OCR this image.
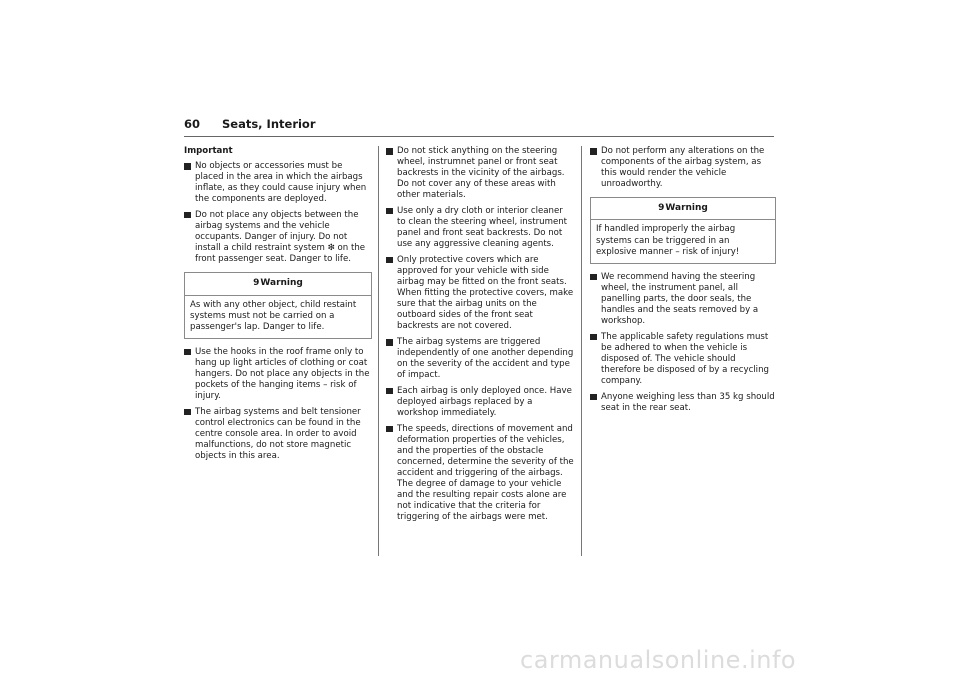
60 Seats, Interior
Important
No objects or accessories must be placed in the area in which the airbags inflate, as they could cause injury when the components are deployed.
Do not place any objects between the airbag systems and the vehicle occupants. Danger of injury. Do not install a child restraint system ❇ on the front passenger seat. Danger to life.
9Warning
As with any other object, child restaint systems must not be carried on a passenger's lap. Danger to life.
Use the hooks in the roof frame only to hang up light articles of clothing or coat hangers. Do not place any objects in the pockets of the hanging items – risk of injury.
The airbag systems and belt tensioner control electronics can be found in the centre console area. In order to avoid malfunctions, do not store magnetic objects in this area.
Do not stick anything on the steering wheel, instrumnet panel or front seat backrests in the vicinity of the airbags. Do not cover any of these areas with other materials.
Use only a dry cloth or interior cleaner to clean the steering wheel, instrument panel and front seat backrests. Do not use any aggressive cleaning agents.
Only protective covers which are approved for your vehicle with side airbag may be fitted on the front seats. When fitting the protective covers, make sure that the airbag units on the outboard sides of the front seat backrests are not covered.
The airbag systems are triggered independently of one another depending on the severity of the accident and type of impact.
Each airbag is only deployed once. Have deployed airbags replaced by a workshop immediately.
The speeds, directions of movement and deformation properties of the vehicles, and the properties of the obstacle concerned, determine the severity of the accident and triggering of the airbags. The degree of damage to your vehicle and the resulting repair costs alone are not indicative that the criteria for triggering of the airbags were met.
Do not perform any alterations on the components of the airbag system, as this would render the vehicle unroadworthy.
9Warning
If handled improperly the airbag systems can be triggered in an explosive manner – risk of injury!
We recommend having the steering wheel, the instrument panel, all panelling parts, the door seals, the handles and the seats removed by a workshop.
The applicable safety regulations must be adhered to when the vehicle is disposed of. The vehicle should therefore be disposed of by a recycling company.
Anyone weighing less than 35 kg should seat in the rear seat.
carmanualsonline.info
